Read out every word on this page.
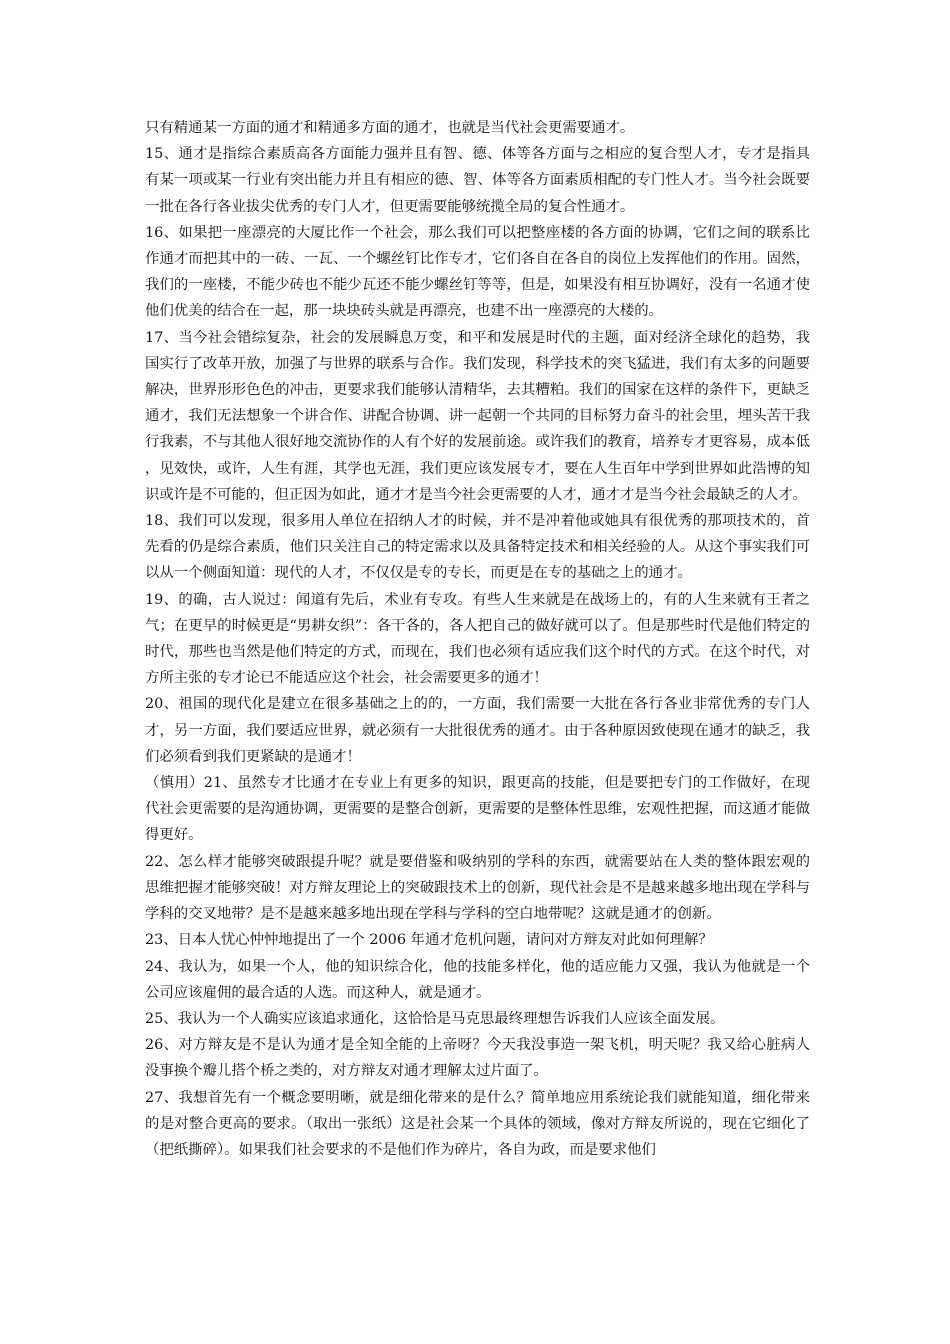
只有精通某一方面的通才和精通多方面的通才，也就是当代社会更需要通才。

15、通才是指综合素质高各方面能力强并且有智、德、体等各方面与之相应的复合型人才，专才是指具有某一项或某一行业有突出能力并且有相应的德、智、体等各方面素质相配的专门性人才。当今社会既要一批在各行各业拔尖优秀的专门人才，但更需要能够统揽全局的复合性通才。

16、如果把一座漂亮的大厦比作一个社会，那么我们可以把整座楼的各方面的协调，它们之间的联系比作通才而把其中的一砖、一瓦、一个螺丝钉比作专才，它们各自在各自的岗位上发挥他们的作用。固然，我们的一座楼，不能少砖也不能少瓦还不能少螺丝钉等等，但是，如果没有相互协调好，没有一名通才使他们优美的结合在一起，那一块块砖头就是再漂亮，也建不出一座漂亮的大楼的。

17、当今社会错综复杂，社会的发展瞬息万变，和平和发展是时代的主题，面对经济全球化的趋势，我国实行了改革开放，加强了与世界的联系与合作。我们发现，科学技术的突飞猛进，我们有太多的问题要解决，世界形形色色的冲击，更要求我们能够认清精华，去其糟粕。我们的国家在这样的条件下，更缺乏通才，我们无法想象一个讲合作、讲配合协调、讲一起朝一个共同的目标努力奋斗的社会里，埋头苦干我行我素，不与其他人很好地交流协作的人有个好的发展前途。或许我们的教育，培养专才更容易，成本低，见效快，或许，人生有涯，其学也无涯，我们更应该发展专才，要在人生百年中学到世界如此浩博的知识或许是不可能的，但正因为如此，通才才是当今社会更需要的人才，通才才是当今社会最缺乏的人才。

18、我们可以发现，很多用人单位在招纳人才的时候，并不是冲着他或她具有很优秀的那项技术的，首先看的仍是综合素质，他们只关注自己的特定需求以及具备特定技术和相关经验的人。从这个事实我们可以从一个侧面知道：现代的人才，不仅仅是专的专长，而更是在专的基础之上的通才。

19、的确，古人说过：闻道有先后，术业有专攻。有些人生来就是在战场上的，有的人生来就有王者之气；在更早的时候更是“男耕女织”：各干各的，各人把自己的做好就可以了。但是那些时代是他们特定的时代，那些也当然是他们特定的方式，而现在，我们也必须有适应我们这个时代的方式。在这个时代，对方所主张的专才论已不能适应这个社会，社会需要更多的通才！

20、祖国的现代化是建立在很多基础之上的的，一方面，我们需要一大批在各行各业非常优秀的专门人才，另一方面，我们要适应世界，就必须有一大批很优秀的通才。由于各种原因致使现在通才的缺乏，我们必须看到我们更紧缺的是通才！

（慎用）21、虽然专才比通才在专业上有更多的知识，跟更高的技能，但是要把专门的工作做好，在现代社会更需要的是沟通协调，更需要的是整合创新，更需要的是整体性思维，宏观性把握，而这通才能做得更好。

22、怎么样才能够突破跟提升呢？就是要借鉴和吸纳别的学科的东西，就需要站在人类的整体跟宏观的思维把握才能够突破！对方辩友理论上的突破跟技术上的创新，现代社会是不是越来越多地出现在学科与学科的交叉地带？是不是越来越多地出现在学科与学科的空白地带呢？这就是通才的创新。

23、日本人忧心忡忡地提出了一个 2006 年通才危机问题，请问对方辩友对此如何理解？

24、我认为，如果一个人，他的知识综合化，他的技能多样化，他的适应能力又强，我认为他就是一个公司应该雇佣的最合适的人选。而这种人，就是通才。

25、我认为一个人确实应该追求通化，这恰恰是马克思最终理想告诉我们人应该全面发展。

26、对方辩友是不是认为通才是全知全能的上帝呀？今天我没事造一架飞机，明天呢？我又给心脏病人没事换个瓣儿搭个桥之类的，对方辩友对通才理解太过片面了。

27、我想首先有一个概念要明晰，就是细化带来的是什么？简单地应用系统论我们就能知道，细化带来的是对整合更高的要求。（取出一张纸）这是社会某一个具体的领域，像对方辩友所说的，现在它细化了（把纸撕碎）。如果我们社会要求的不是他们作为碎片，各自为政，而是要求他们
